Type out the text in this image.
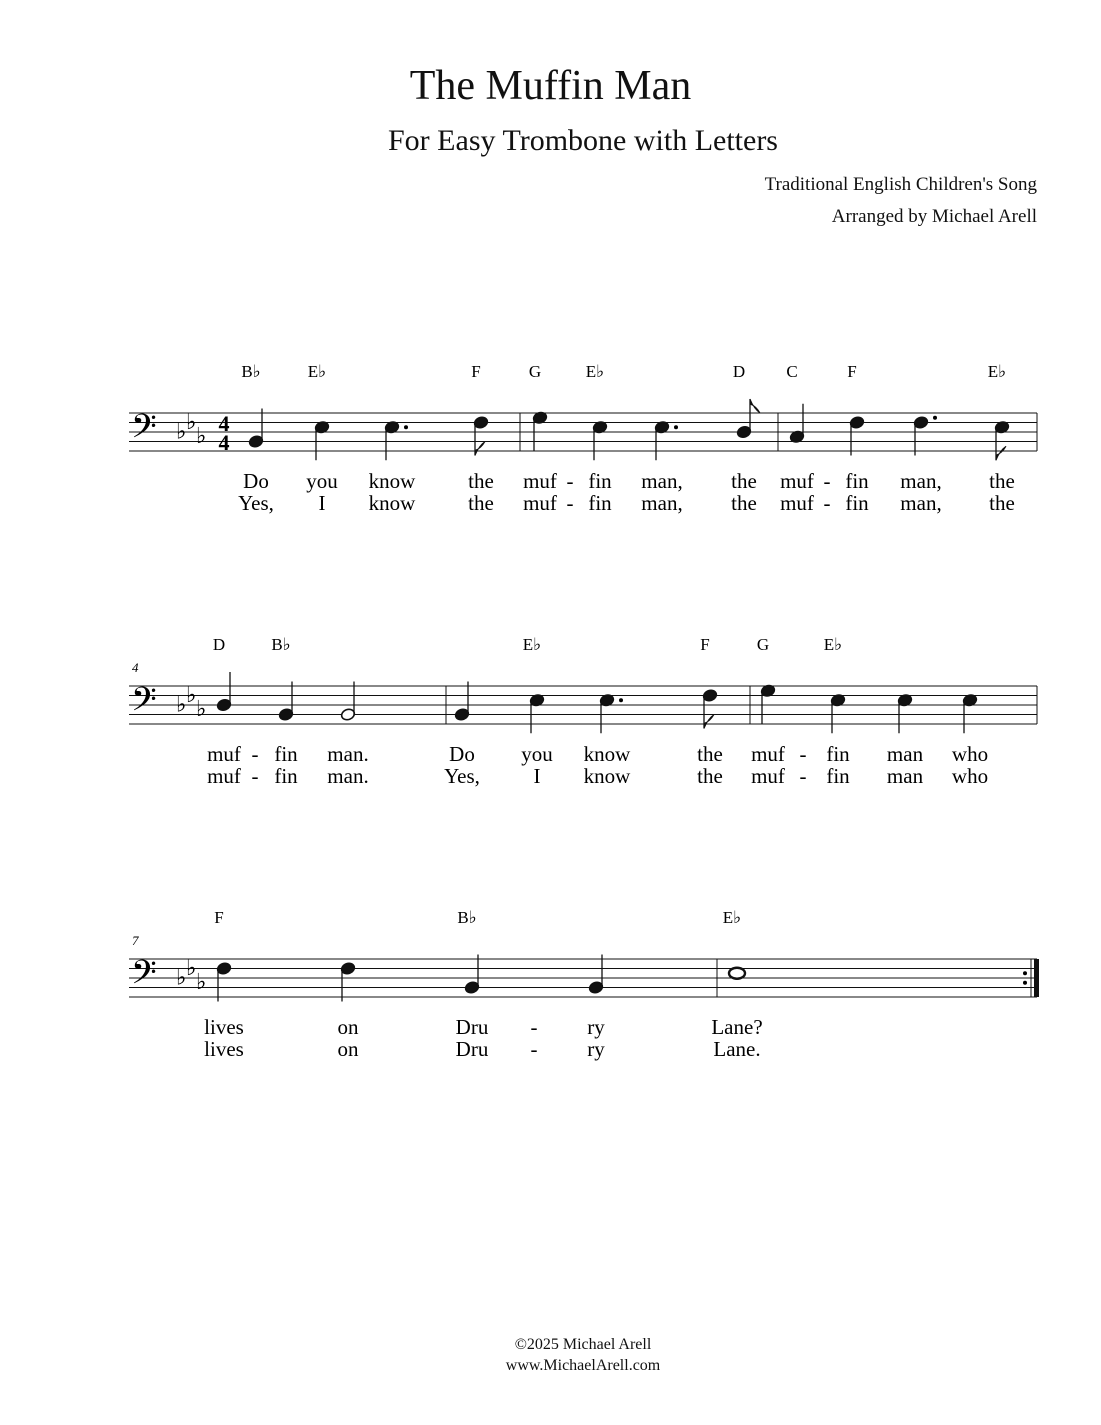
The Muffin Man
For Easy Trombone with Letters
Traditional English Children's Song
Arranged by Michael Arell
𝄢 ♭ ♭
♭
4
4
B♭
Do
Yes,
E♭
you
I
know
know
F
the
the
G
muf
muf
E♭
fin
fin
man,
man,
D
the
the
C
muf
muf
F
fin
fin
man,
man,
E♭
the
the
-
-
-
-
𝄢 ♭ ♭
♭
4
D
muf
muf
B♭
fin
fin
man.
man.
Do
Yes,
E♭
you
I
know
know
F
the
the
G
muf
muf
E♭
fin
fin
man
man
who
who
-
-
-
-
𝄢 ♭ ♭
♭
7
F
lives
lives
on
on
B♭
Dru
Dru
ry
ry
E♭
Lane?
Lane.
-
-
©2025 Michael Arell
www.MichaelArell.com
